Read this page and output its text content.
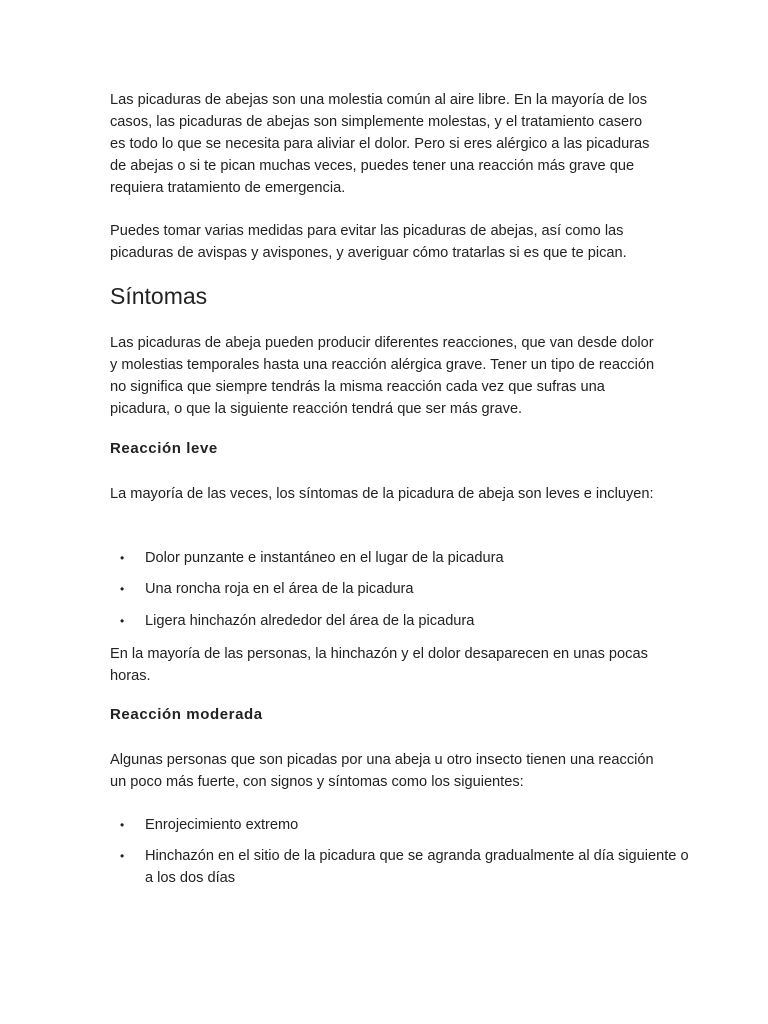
Las picaduras de abejas son una molestia común al aire libre. En la mayoría de los casos, las picaduras de abejas son simplemente molestas, y el tratamiento casero es todo lo que se necesita para aliviar el dolor. Pero si eres alérgico a las picaduras de abejas o si te pican muchas veces, puedes tener una reacción más grave que requiera tratamiento de emergencia.

Puedes tomar varias medidas para evitar las picaduras de abejas, así como las picaduras de avispas y avispones, y averiguar cómo tratarlas si es que te pican.

Síntomas

Las picaduras de abeja pueden producir diferentes reacciones, que van desde dolor y molestias temporales hasta una reacción alérgica grave. Tener un tipo de reacción no significa que siempre tendrás la misma reacción cada vez que sufras una picadura, o que la siguiente reacción tendrá que ser más grave.

Reacción leve

La mayoría de las veces, los síntomas de la picadura de abeja son leves e incluyen:

• Dolor punzante e instantáneo en el lugar de la picadura
• Una roncha roja en el área de la picadura
• Ligera hinchazón alrededor del área de la picadura

En la mayoría de las personas, la hinchazón y el dolor desaparecen en unas pocas horas.

Reacción moderada

Algunas personas que son picadas por una abeja u otro insecto tienen una reacción un poco más fuerte, con signos y síntomas como los siguientes:

• Enrojecimiento extremo
• Hinchazón en el sitio de la picadura que se agranda gradualmente al día siguiente o a los dos días
